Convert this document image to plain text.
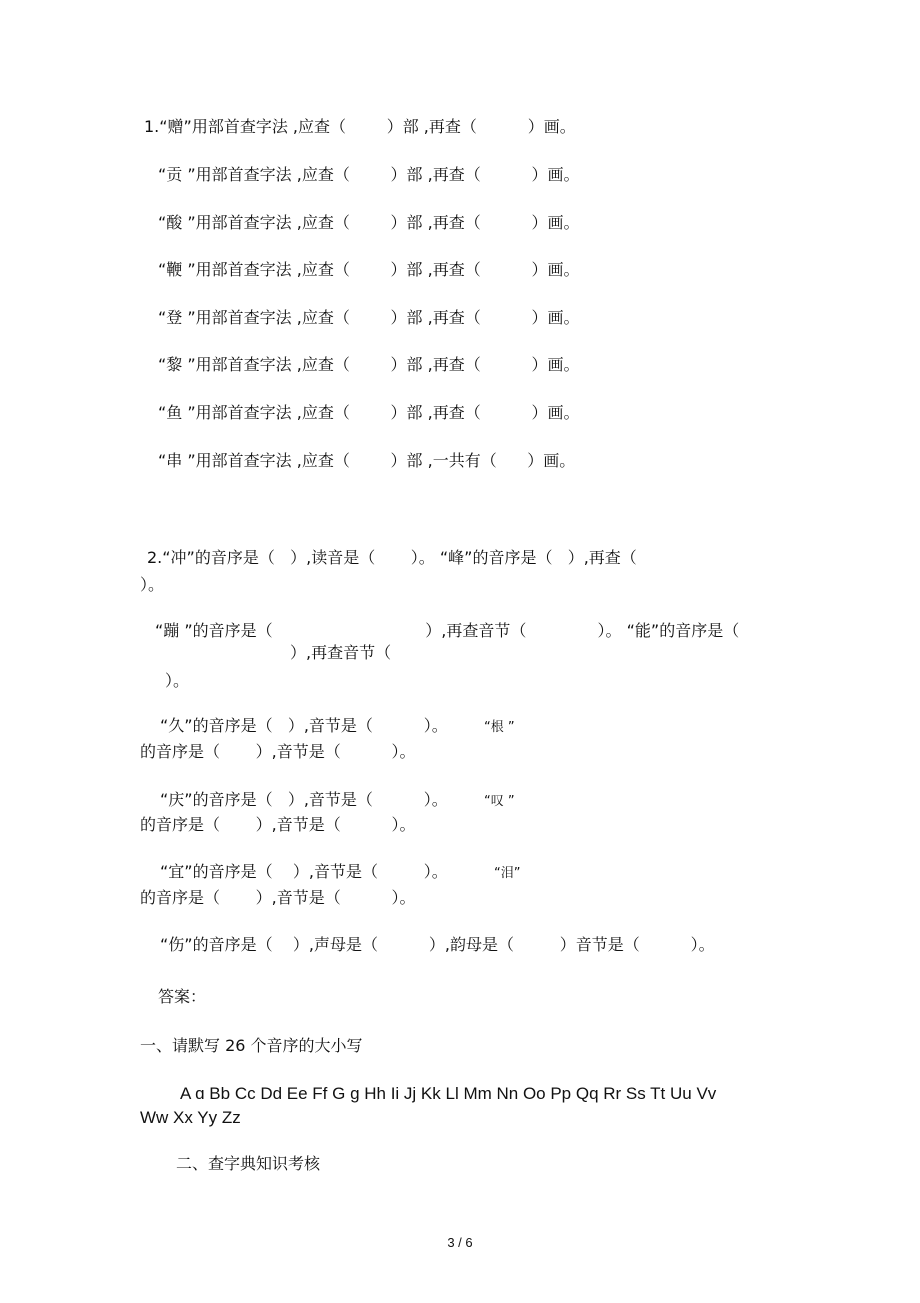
1.“赠”用部首查字法 ,应查（        ）部 ,再查（          ）画。
“贡 ”用部首查字法 ,应查（        ）部 ,再查（          ）画。
“酸 ”用部首查字法 ,应查（        ）部 ,再查（          ）画。
“鞭 ”用部首查字法 ,应查（        ）部 ,再查（          ）画。
“登 ”用部首查字法 ,应查（        ）部 ,再查（          ）画。
“黎 ”用部首查字法 ,应查（        ）部 ,再查（          ）画。
“鱼 ”用部首查字法 ,应查（        ）部 ,再查（          ）画。
“串 ”用部首查字法 ,应查（        ）部 ,一共有（      ）画。
2.“冲”的音序是（   ）,读音是（       ）。 “峰”的音序是（   ）,再查（
）。
“蹦 ”的音序是（                              ）,再查音节（              ）。 “能”的音序是（
）,再查音节（
）。
“久”的音序是（   ）,音节是（          ）。	“根 ”
的音序是（       ）,音节是（          ）。
“庆”的音序是（   ）,音节是（          ）。	“叹 ”
的音序是（       ）,音节是（          ）。
“宜”的音序是（    ）,音节是（         ）。	“泪”
的音序是（       ）,音节是（          ）。
“伤”的音序是（    ）,声母是（          ）,韵母是（         ）音节是（          ）。
答案：
一、请默写 26 个音序的大小写
A ɑ Bb Cc Dd Ee Ff G ɡ Hh Ii Jj Kk Ll Mm Nn Oo Pp Qq Rr Ss Tt Uu Vv
Ww Xx Yy Zz
二、查字典知识考核
3 / 6
